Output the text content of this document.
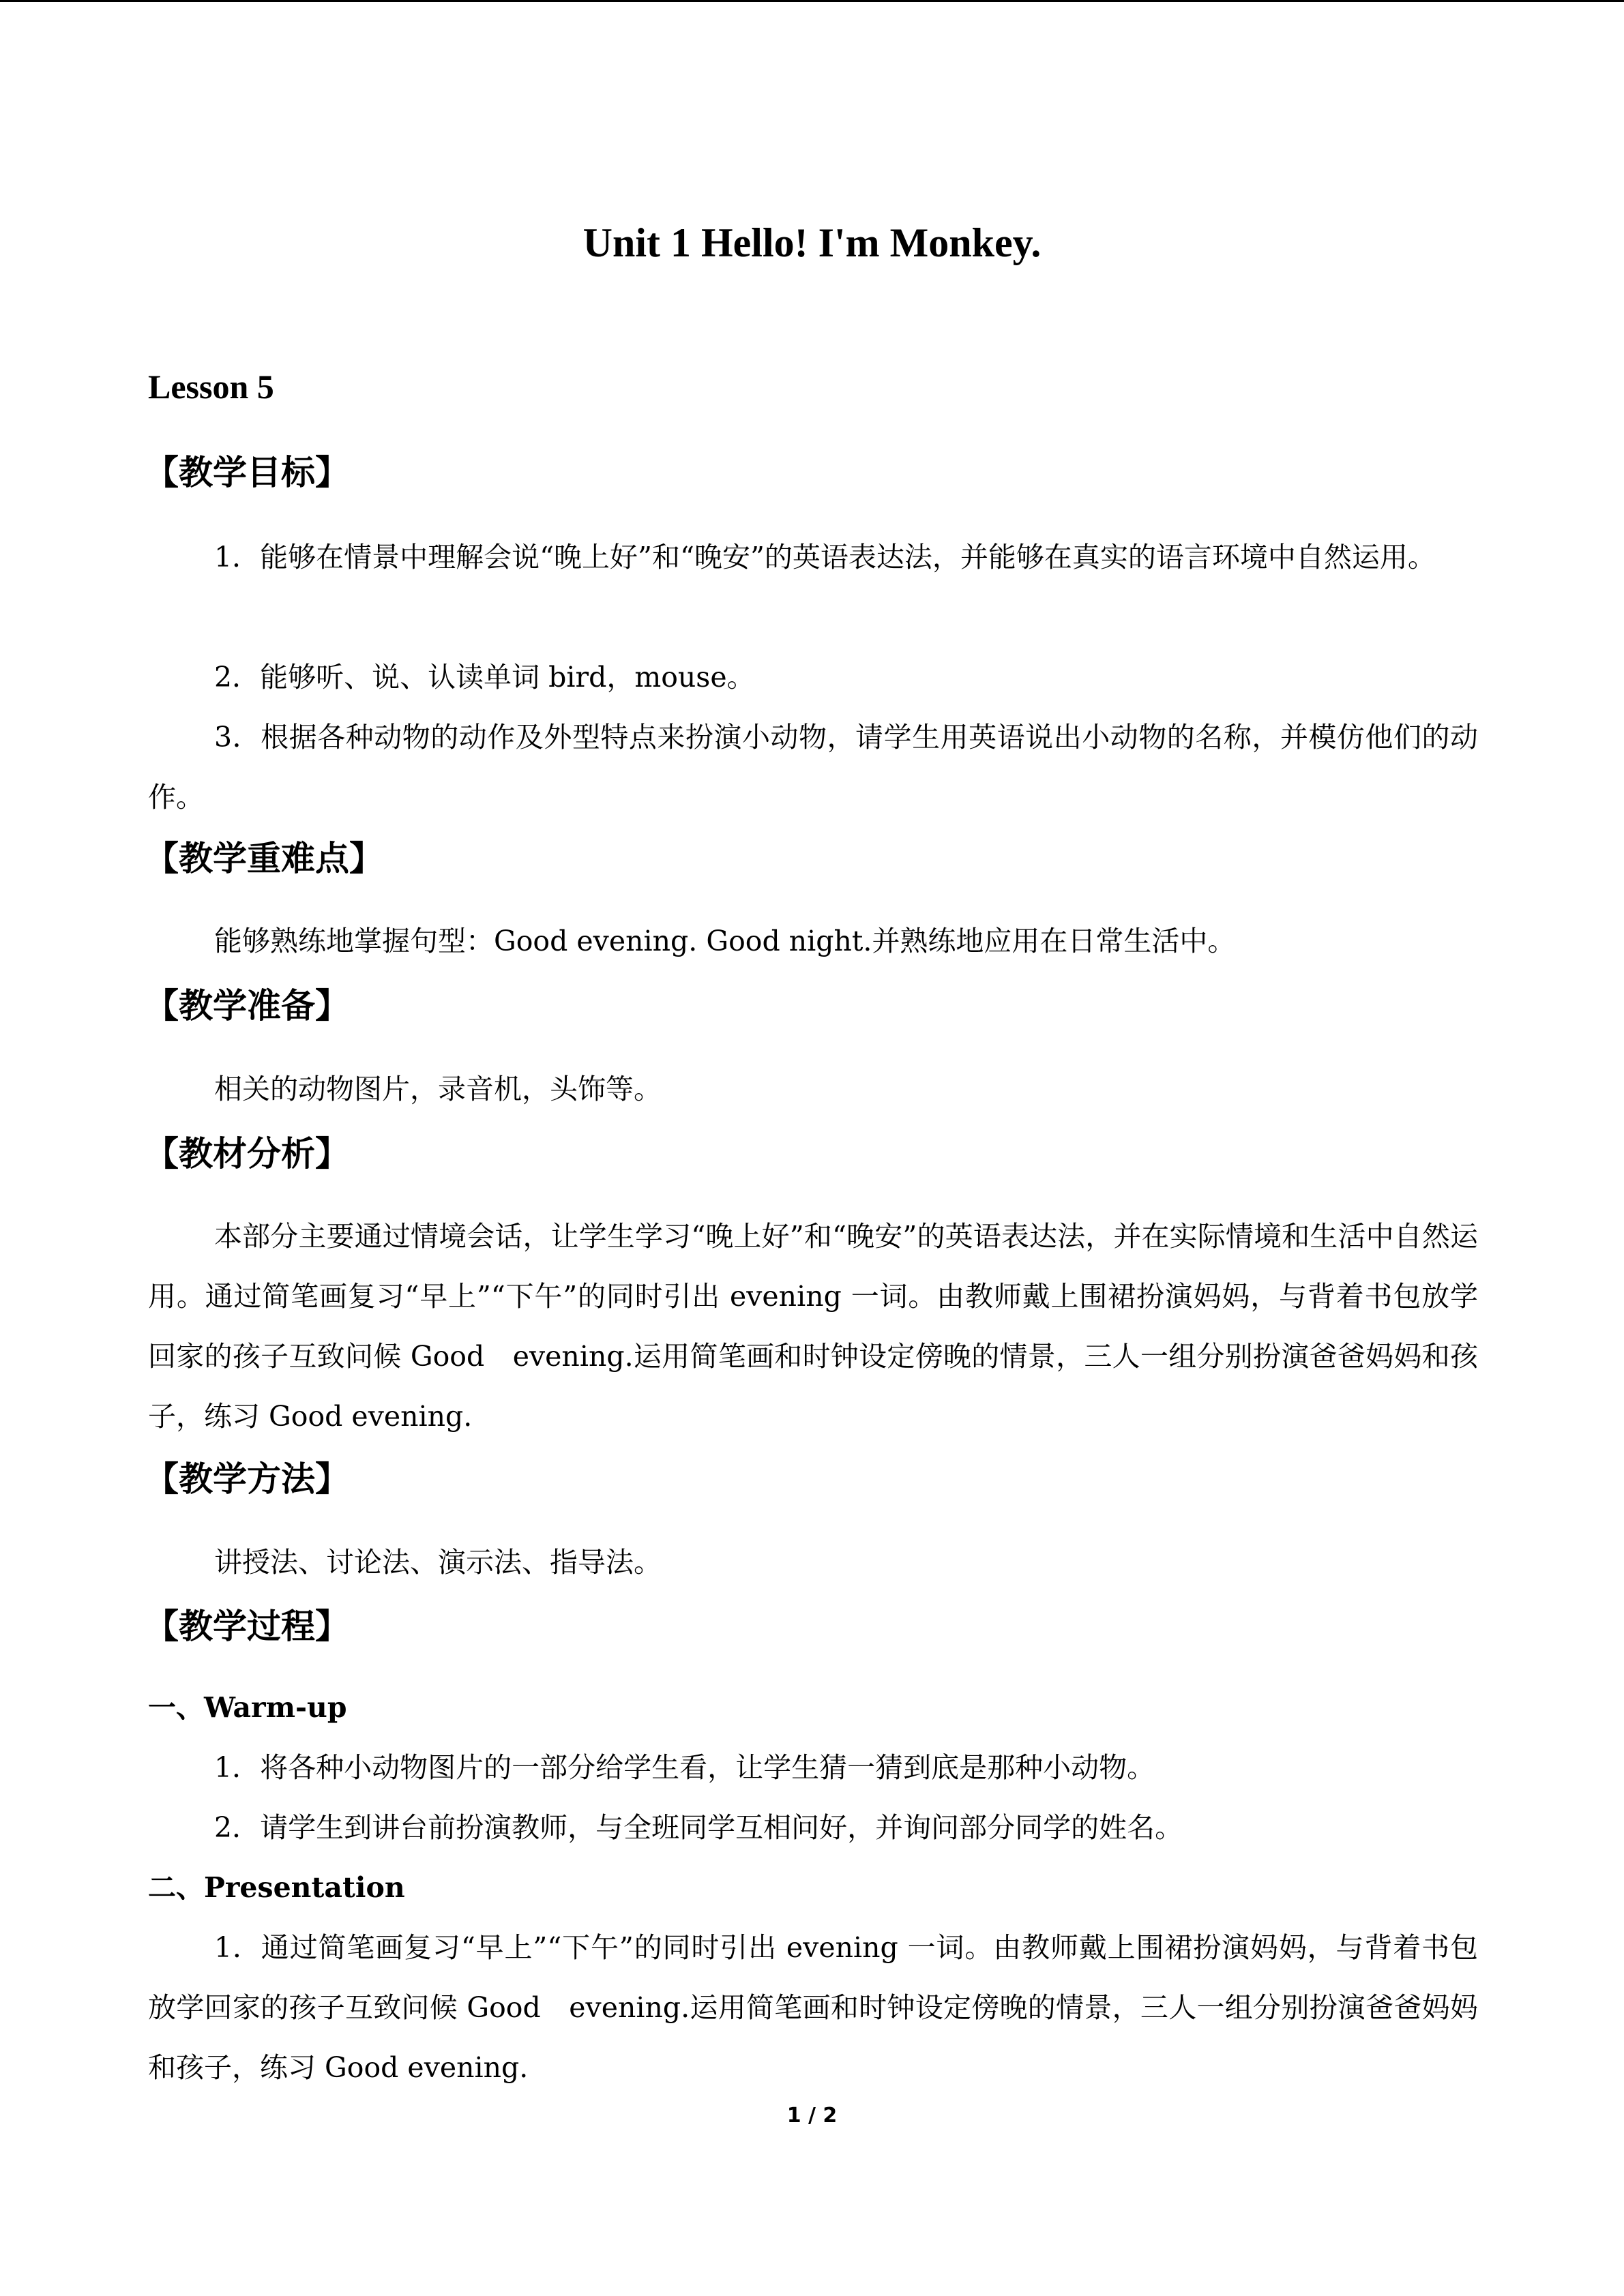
Unit 1 Hello! I'm Monkey.
Lesson 5
【教学目标】

1．能够在情景中理解会说“晚上好”和“晚安”的英语表达法，并能够在真实的语言环境中自然运用。

2．能够听、说、认读单词 bird，mouse。

3．根据各种动物的动作及外型特点来扮演小动物，请学生用英语说出小动物的名称，并模仿他们的动作。

【教学重难点】

能够熟练地掌握句型：Good evening. Good night.并熟练地应用在日常生活中。

【教学准备】

相关的动物图片，录音机，头饰等。

【教材分析】

本部分主要通过情境会话，让学生学习“晚上好”和“晚安”的英语表达法，并在实际情境和生活中自然运用。通过简笔画复习“早上”“下午”的同时引出 evening 一词。由教师戴上围裙扮演妈妈，与背着书包放学回家的孩子互致问候 Good　evening.运用简笔画和时钟设定傍晚的情景，三人一组分别扮演爸爸妈妈和孩子，练习 Good evening.

【教学方法】

讲授法、讨论法、演示法、指导法。

【教学过程】
一、Warm-up

1．将各种小动物图片的一部分给学生看，让学生猜一猜到底是那种小动物。

2．请学生到讲台前扮演教师，与全班同学互相问好，并询问部分同学的姓名。

二、Presentation

1．通过简笔画复习“早上”“下午”的同时引出 evening 一词。由教师戴上围裙扮演妈妈，与背着书包放学回家的孩子互致问候 Good　evening.运用简笔画和时钟设定傍晚的情景，三人一组分别扮演爸爸妈妈和孩子，练习 Good evening.

1 / 2
